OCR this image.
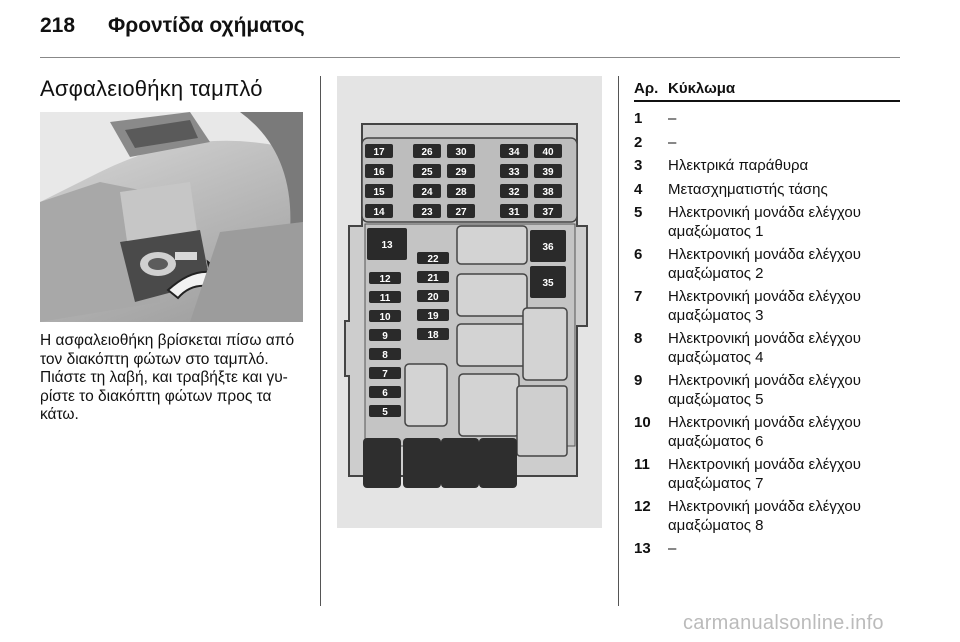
218 Φροντίδα οχήματος
Ασφαλειοθήκη ταμπλό
Η ασφαλειοθήκη βρίσκεται πίσω από
τον διακόπτη φώτων στο ταμπλό.
Πιάστε τη λαβή, και τραβήξτε και γυ-
ρίστε το διακόπτη φώτων προς τα
κάτω.
17
16
15
14
26
25
24
23
30
29
28
27
34
33
32
31
40
39
38
37
12
11
10
9
8
7
6
5
22
21
20
19
18
13	36
35
Αρ. Κύκλωμα
1 –
2 –
3 Ηλεκτρικά παράθυρα
4 Μετασχηματιστής τάσης
5 Ηλεκτρονική μονάδα ελέγχου
αμαξώματος 1
6 Ηλεκτρονική μονάδα ελέγχου
αμαξώματος 2
7 Ηλεκτρονική μονάδα ελέγχου
αμαξώματος 3
8 Ηλεκτρονική μονάδα ελέγχου
αμαξώματος 4
9 Ηλεκτρονική μονάδα ελέγχου
αμαξώματος 5
10 Ηλεκτρονική μονάδα ελέγχου
αμαξώματος 6
11 Ηλεκτρονική μονάδα ελέγχου
αμαξώματος 7
12 Ηλεκτρονική μονάδα ελέγχου
αμαξώματος 8
13 –
carmanualsonline.info
